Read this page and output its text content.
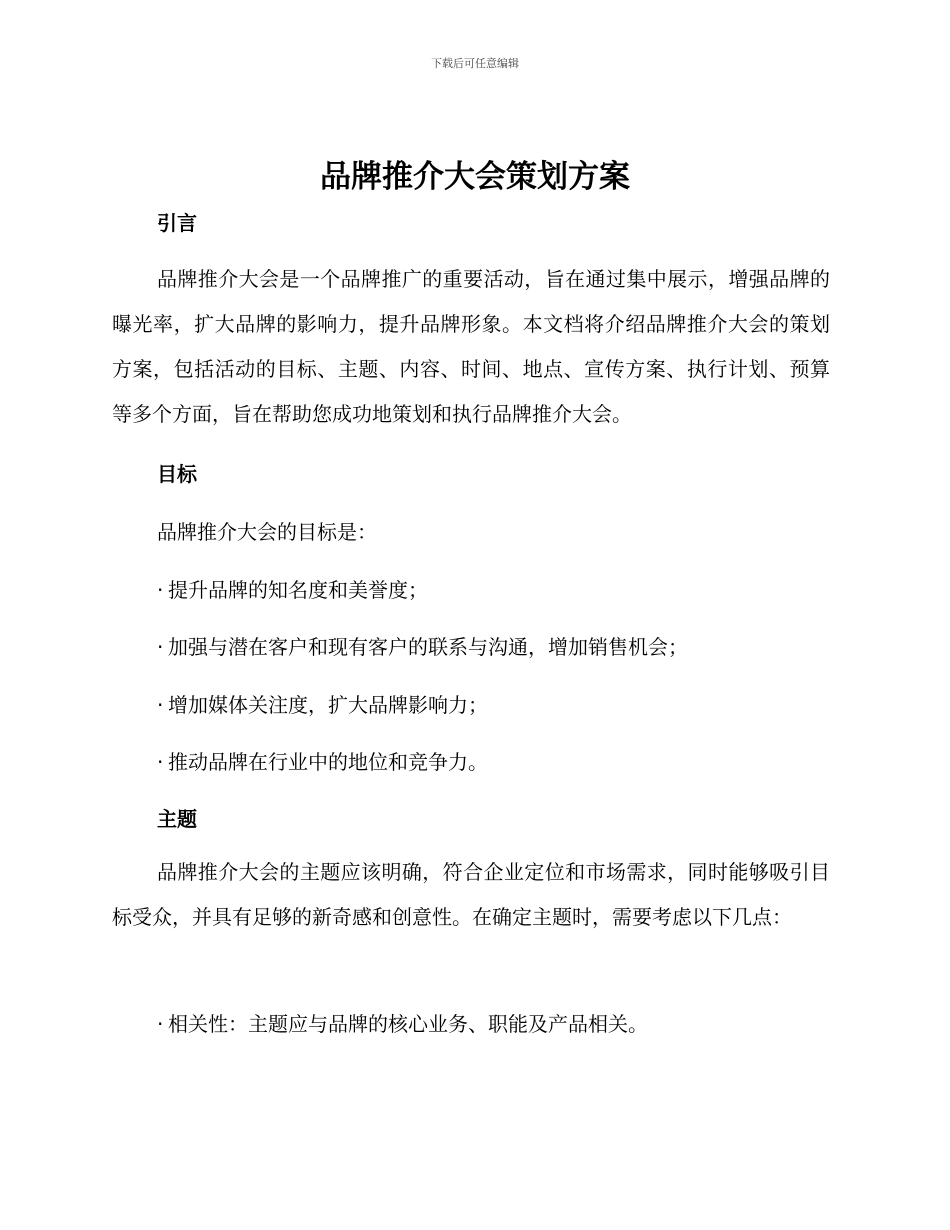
下载后可任意编辑
品牌推介大会策划方案
引言

品牌推介大会是一个品牌推广的重要活动，旨在通过集中展示，增强品牌的曝光率，扩大品牌的影响力，提升品牌形象。本文档将介绍品牌推介大会的策划方案，包括活动的目标、主题、内容、时间、地点、宣传方案、执行计划、预算等多个方面，旨在帮助您成功地策划和执行品牌推介大会。

目标

品牌推介大会的目标是：

· 提升品牌的知名度和美誉度；

· 加强与潜在客户和现有客户的联系与沟通，增加销售机会；

· 增加媒体关注度，扩大品牌影响力；

· 推动品牌在行业中的地位和竞争力。

主题

品牌推介大会的主题应该明确，符合企业定位和市场需求，同时能够吸引目标受众，并具有足够的新奇感和创意性。在确定主题时，需要考虑以下几点：

· 相关性：主题应与品牌的核心业务、职能及产品相关。
